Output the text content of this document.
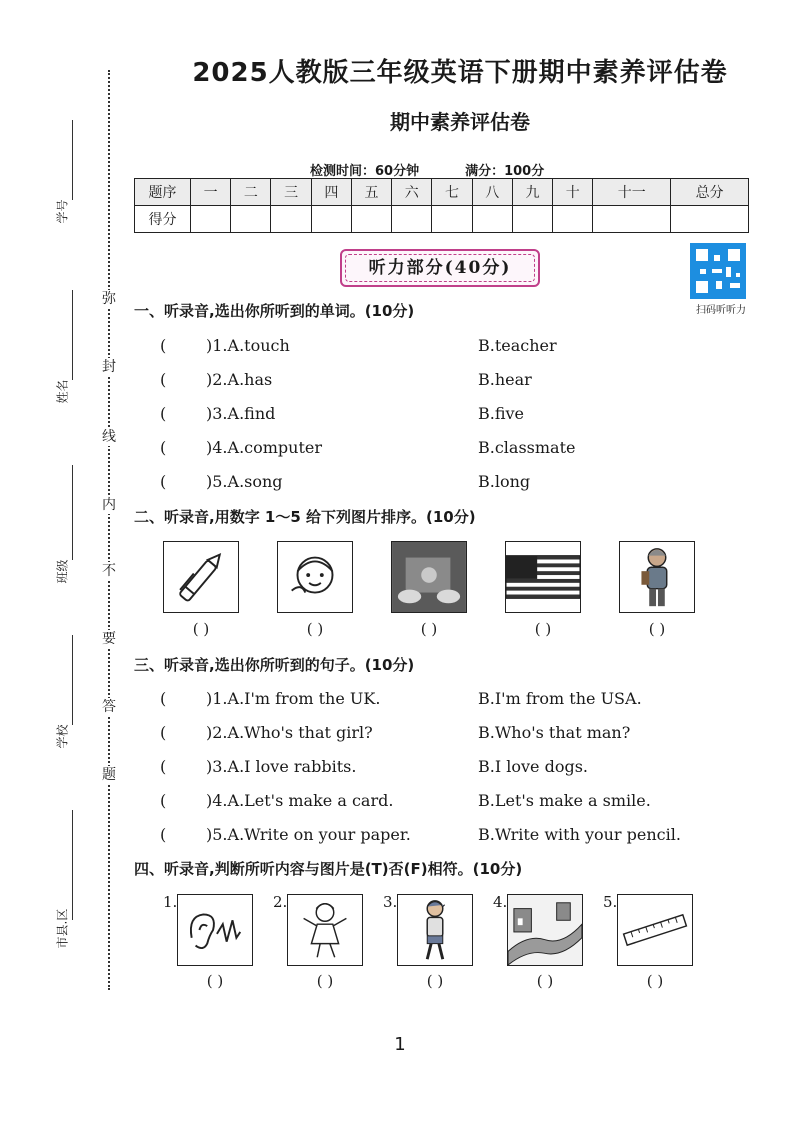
学号
姓名
班级
学校
市县.区
弥
封
线
内
不
要
答
题
2025人教版三年级英语下册期中素养评估卷
期中素养评估卷
检测时间：60分钟	满分：100分
题序	一	二	三	四	五	六	七	八	九	十	十一	总分
得分												
听力部分(40分)
扫码听听力
一、听录音,选出你所听到的单词。(10分)
( )1.A.touch	B.teacher
( )2.A.has	B.hear
( )3.A.find	B.five
( )4.A.computer	B.classmate
( )5.A.song	B.long
二、听录音,用数字 1～5 给下列图片排序。(10分)
( )	( )	( )	( )	( )
三、听录音,选出你所听到的句子。(10分)
( )1.A.I'm from the UK.	B.I'm from the USA.
( )2.A.Who's that girl?	B.Who's that man?
( )3.A.I love rabbits.	B.I love dogs.
( )4.A.Let's make a card.	B.Let's make a smile.
( )5.A.Write on your paper.	B.Write with your pencil.
四、听录音,判断所听内容与图片是(T)否(F)相符。(10分)
1.	2.	3.	4.	5.
( )	( )	( )	( )	( )
1
